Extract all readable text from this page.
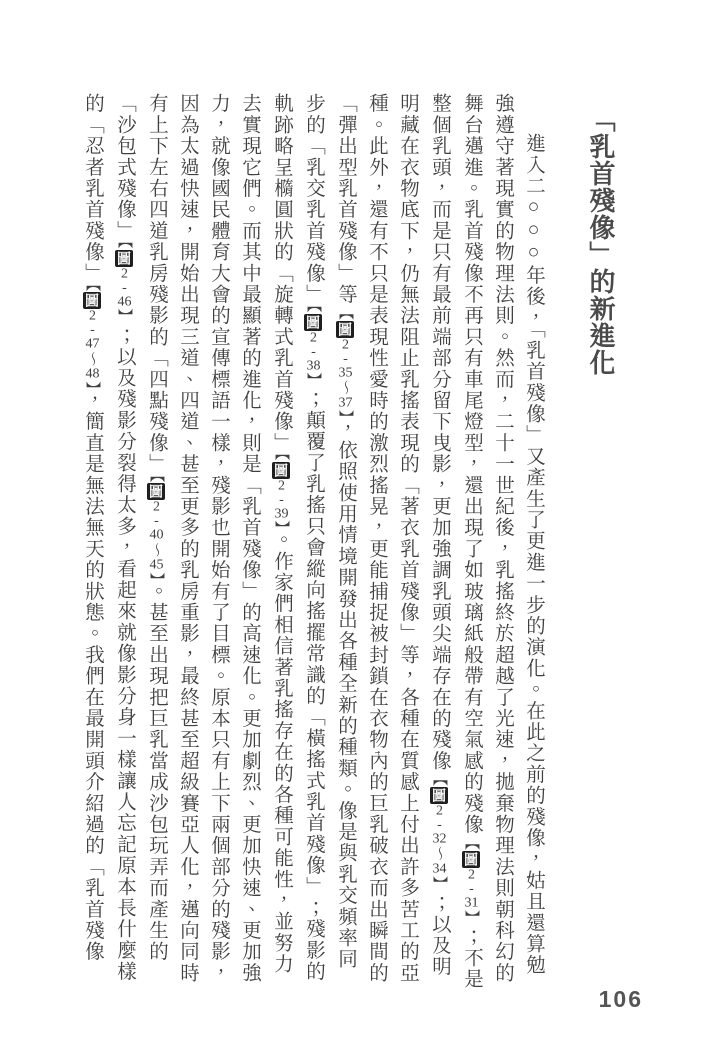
「乳首殘像」的新進化
進入二○○○年後，「乳首殘像」又產生了更進一步的演化。在此之前的殘像，姑且還算勉
強遵守著現實的物理法則。然而，二十一世紀後，乳搖終於超越了光速，拋棄物理法則朝科幻的
舞台邁進。乳首殘像不再只有車尾燈型，還出現了如玻璃紙般帶有空氣感的殘像【圖2-31】；不是
整個乳頭，而是只有最前端部分留下曳影，更加強調乳頭尖端存在的殘像【圖2-32〜34】；以及明
明藏在衣物底下，仍無法阻止乳搖表現的「著衣乳首殘像」等，各種在質感上付出許多苦工的亞
種。此外，還有不只是表現性愛時的激烈搖晃，更能捕捉被封鎖在衣物內的巨乳破衣而出瞬間的
「彈出型乳首殘像」等【圖2-35〜37】，依照使用情境開發出各種全新的種類。像是與乳交頻率同
步的「乳交乳首殘像」【圖2-38】；顛覆了乳搖只會縱向搖擺常識的「橫搖式乳首殘像」；殘影的
軌跡略呈橢圓狀的「旋轉式乳首殘像」【圖2-39】。作家們相信著乳搖存在的各種可能性，並努力
去實現它們。而其中最顯著的進化，則是「乳首殘像」的高速化。更加劇烈、更加快速、更加強
力，就像國民體育大會的宣傳標語一樣，殘影也開始有了目標。原本只有上下兩個部分的殘影，
因為太過快速，開始出現三道、四道、甚至更多的乳房重影，最終甚至超級賽亞人化，邁向同時
有上下左右四道乳房殘影的「四點殘像」【圖2-40〜45】。甚至出現把巨乳當成沙包玩弄而產生的
「沙包式殘像」【圖2-46】；以及殘影分裂得太多，看起來就像影分身一樣讓人忘記原本長什麼樣
的「忍者乳首殘像」【圖2-47〜48】，簡直是無法無天的狀態。我們在最開頭介紹過的「乳首殘像
106
